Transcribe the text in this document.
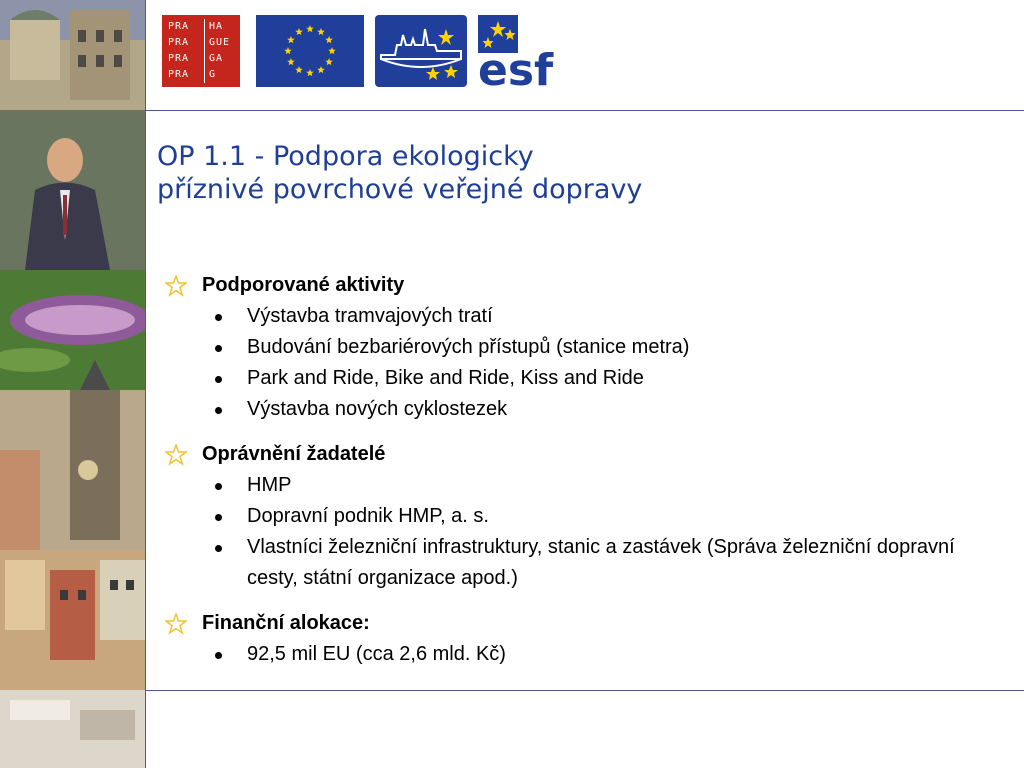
PRA	HA
PRA	GUE
PRA	GA
PRA	G	esf
OP 1.1 - Podpora ekologicky
příznivé povrchové veřejné dopravy
Podporované aktivity
Výstavba tramvajových tratí
Budování bezbariérových přístupů (stanice metra)
Park and Ride, Bike and Ride, Kiss and Ride
Výstavba nových cyklostezek
Oprávnění žadatelé
HMP
Dopravní podnik HMP, a. s.
Vlastníci železniční infrastruktury, stanic a zastávek (Správa železniční dopravní cesty, státní organizace apod.)
Finanční alokace:
92,5 mil EU (cca 2,6 mld. Kč)
